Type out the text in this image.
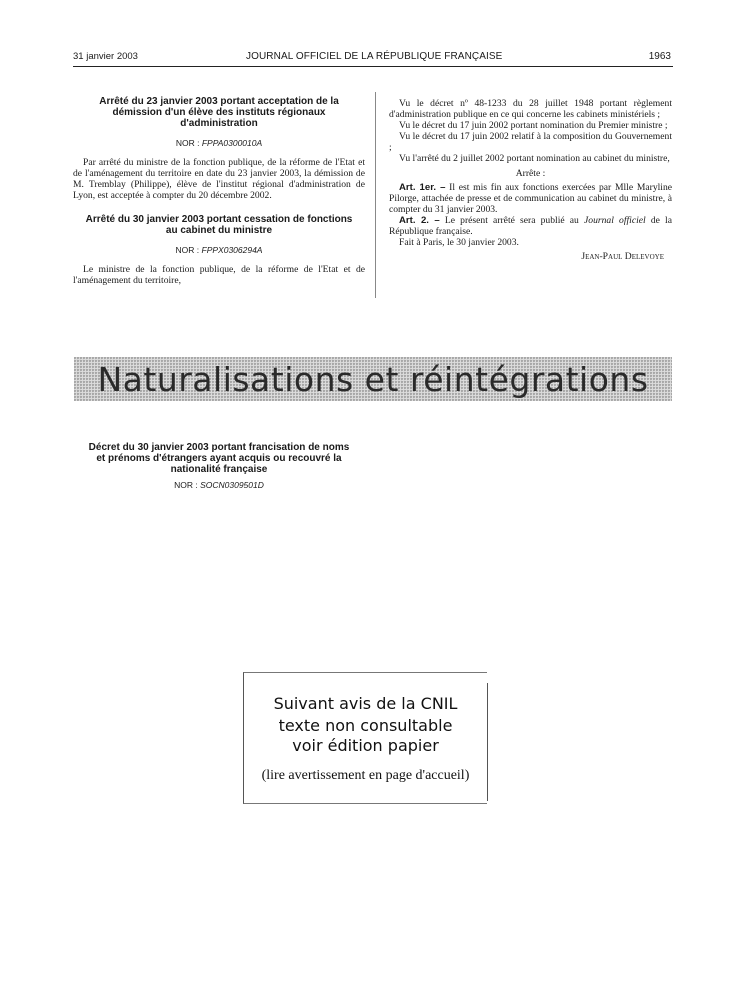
31 janvier 2003	JOURNAL OFFICIEL DE LA RÉPUBLIQUE FRANÇAISE	1963
Arrêté du 23 janvier 2003 portant acceptation de la démission d'un élève des instituts régionaux d'administration
NOR : FPPA0300010A

Par arrêté du ministre de la fonction publique, de la réforme de l'Etat et de l'aménagement du territoire en date du 23 janvier 2003, la démission de M. Tremblay (Philippe), élève de l'institut régional d'administration de Lyon, est acceptée à compter du 20 décembre 2002.

Arrêté du 30 janvier 2003 portant cessation de fonctions au cabinet du ministre
NOR : FPPX0306294A

Le ministre de la fonction publique, de la réforme de l'Etat et de l'aménagement du territoire,

Vu le décret nº 48-1233 du 28 juillet 1948 portant règlement d'administration publique en ce qui concerne les cabinets ministériels ;

Vu le décret du 17 juin 2002 portant nomination du Premier ministre ;

Vu le décret du 17 juin 2002 relatif à la composition du Gouvernement ;

Vu l'arrêté du 2 juillet 2002 portant nomination au cabinet du ministre,

Arrête :

Art. 1er. – Il est mis fin aux fonctions exercées par Mlle Maryline Pilorge, attachée de presse et de communication au cabinet du ministre, à compter du 31 janvier 2003.

Art. 2. – Le présent arrêté sera publié au Journal officiel de la République française.

Fait à Paris, le 30 janvier 2003.

Jean-Paul Delevoye
Naturalisations et réintégrations
Décret du 30 janvier 2003 portant francisation de noms et prénoms d'étrangers ayant acquis ou recouvré la nationalité française
NOR : SOCN0309501D
Suivant avis de la CNIL
texte non consultable
voir édition papier
(lire avertissement en page d'accueil)
